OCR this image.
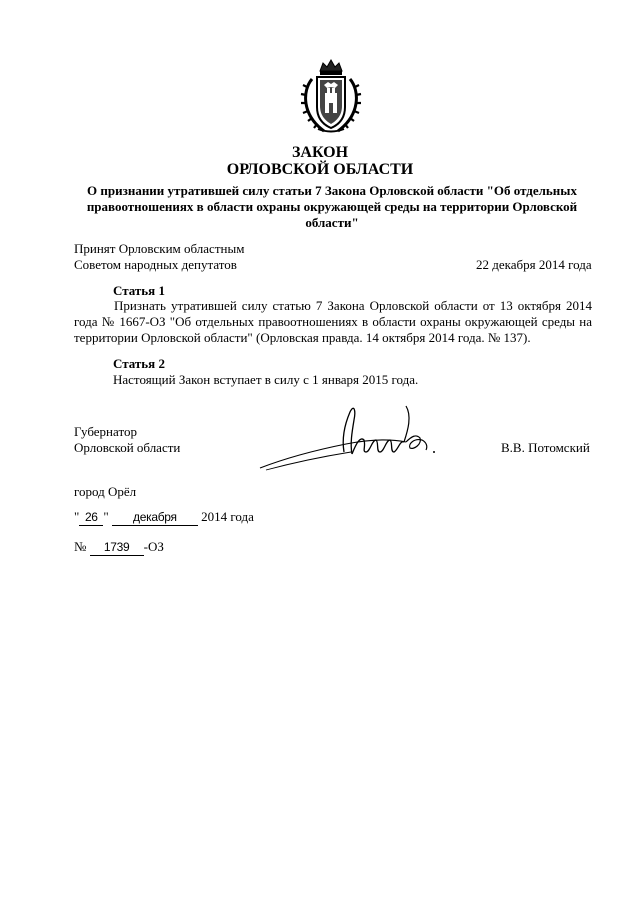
ЗАКОН
ОРЛОВСКОЙ ОБЛАСТИ
О признании утратившей силу статьи 7 Закона Орловской области "Об отдельных правоотношениях в области охраны окружающей среды на территории Орловской области"
Принят Орловским областным
Советом народных депутатов	22 декабря 2014 года
Статья 1
Признать утратившей силу статью 7 Закона Орловской области от 13 октября 2014 года № 1667-ОЗ "Об отдельных правоотношениях в области охраны окружающей среды на территории Орловской области" (Орловская правда. 14 октября 2014 года. № 137).
Статья 2
Настоящий Закон вступает в силу с 1 января 2015 года.
Губернатор
Орловской области	В.В. Потомский
город Орёл
" 26 " декабря 2014 года
№ 1739 -ОЗ
